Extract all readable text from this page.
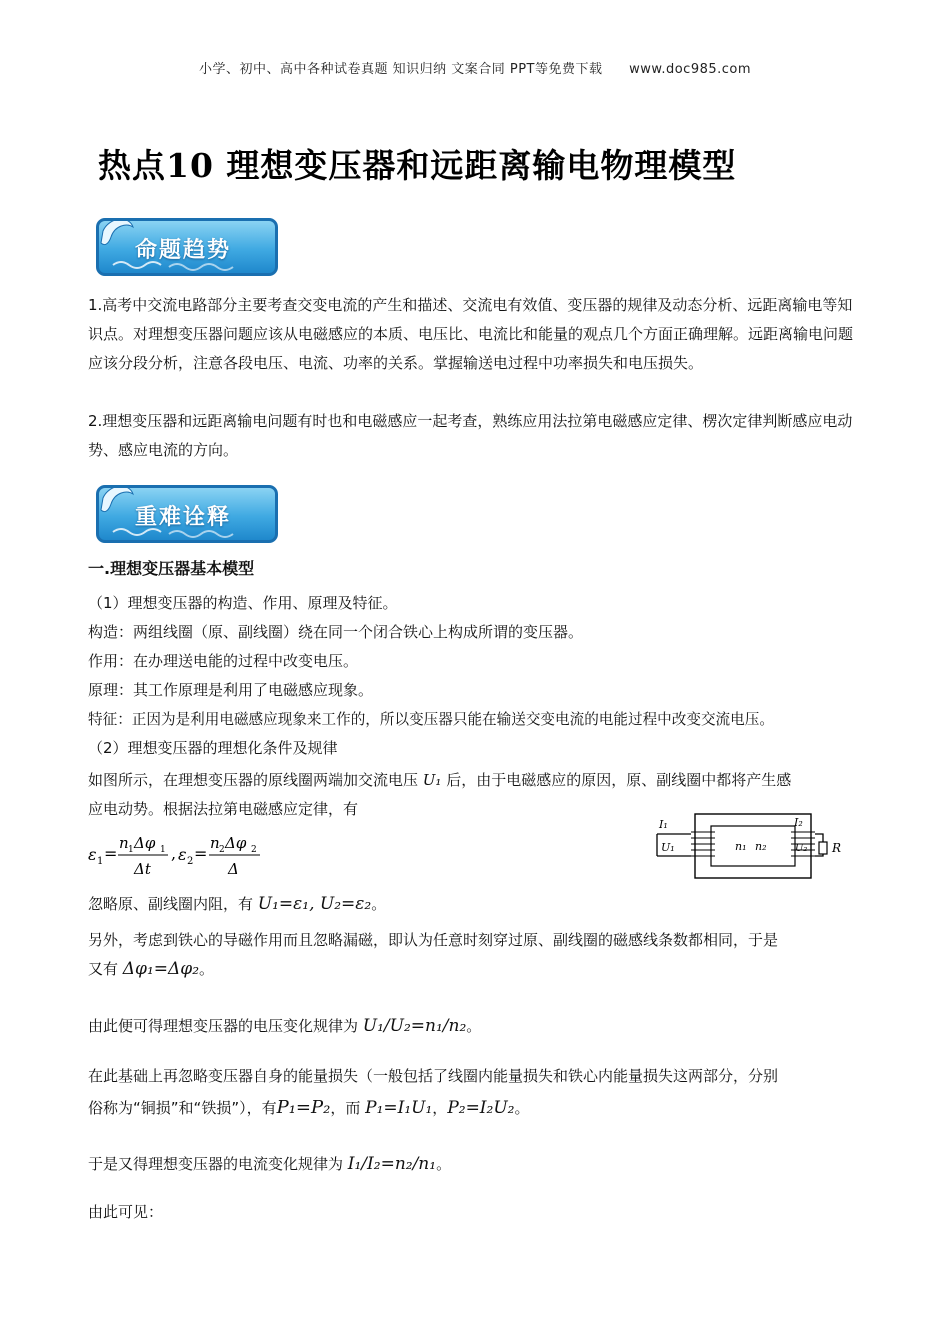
小学、初中、高中各种试卷真题 知识归纳 文案合同 PPT等免费下载 www.doc985.com
热点10 理想变压器和远距离输电物理模型
命题趋势
1.高考中交流电路部分主要考查交变电流的产生和描述、交流电有效值、变压器的规律及动态分析、远距离输电等知识点。对理想变压器问题应该从电磁感应的本质、电压比、电流比和能量的观点几个方面正确理解。远距离输电问题应该分段分析，注意各段电压、电流、功率的关系。掌握输送电过程中功率损失和电压损失。
2.理想变压器和远距离输电问题有时也和电磁感应一起考查，熟练应用法拉第电磁感应定律、楞次定律判断感应电动势、感应电流的方向。
重难诠释
一.理想变压器基本模型
（1）理想变压器的构造、作用、原理及特征。
构造：两组线圈（原、副线圈）绕在同一个闭合铁心上构成所谓的变压器。
作用：在办理送电能的过程中改变电压。
原理：其工作原理是利用了电磁感应现象。
特征：正因为是利用电磁感应现象来工作的，所以变压器只能在输送交变电流的电能过程中改变交流电压。
（2）理想变压器的理想化条件及规律
如图所示，在理想变压器的原线圈两端加交流电压 U₁ 后，由于电磁感应的原因，原、副线圈中都将产生感
应电动势。根据法拉第电磁感应定律，有
ε 1 =
n 1 Δφ 1
Δt
, ε 2 =
n 2 Δφ 2
Δ
I₁
U₁	n₁ n₂
I₂
U₂ R
忽略原、副线圈内阻，有 U₁=ε₁, U₂=ε₂。
另外，考虑到铁心的导磁作用而且忽略漏磁，即认为任意时刻穿过原、副线圈的磁感线条数都相同，于是
又有 Δφ₁=Δφ₂。
由此便可得理想变压器的电压变化规律为 U₁/U₂=n₁/n₂。
在此基础上再忽略变压器自身的能量损失（一般包括了线圈内能量损失和铁心内能量损失这两部分，分别
俗称为“铜损”和“铁损”），有P₁=P₂，而 P₁=I₁U₁，P₂=I₂U₂。
于是又得理想变压器的电流变化规律为 I₁/I₂=n₂/n₁。
由此可见：
